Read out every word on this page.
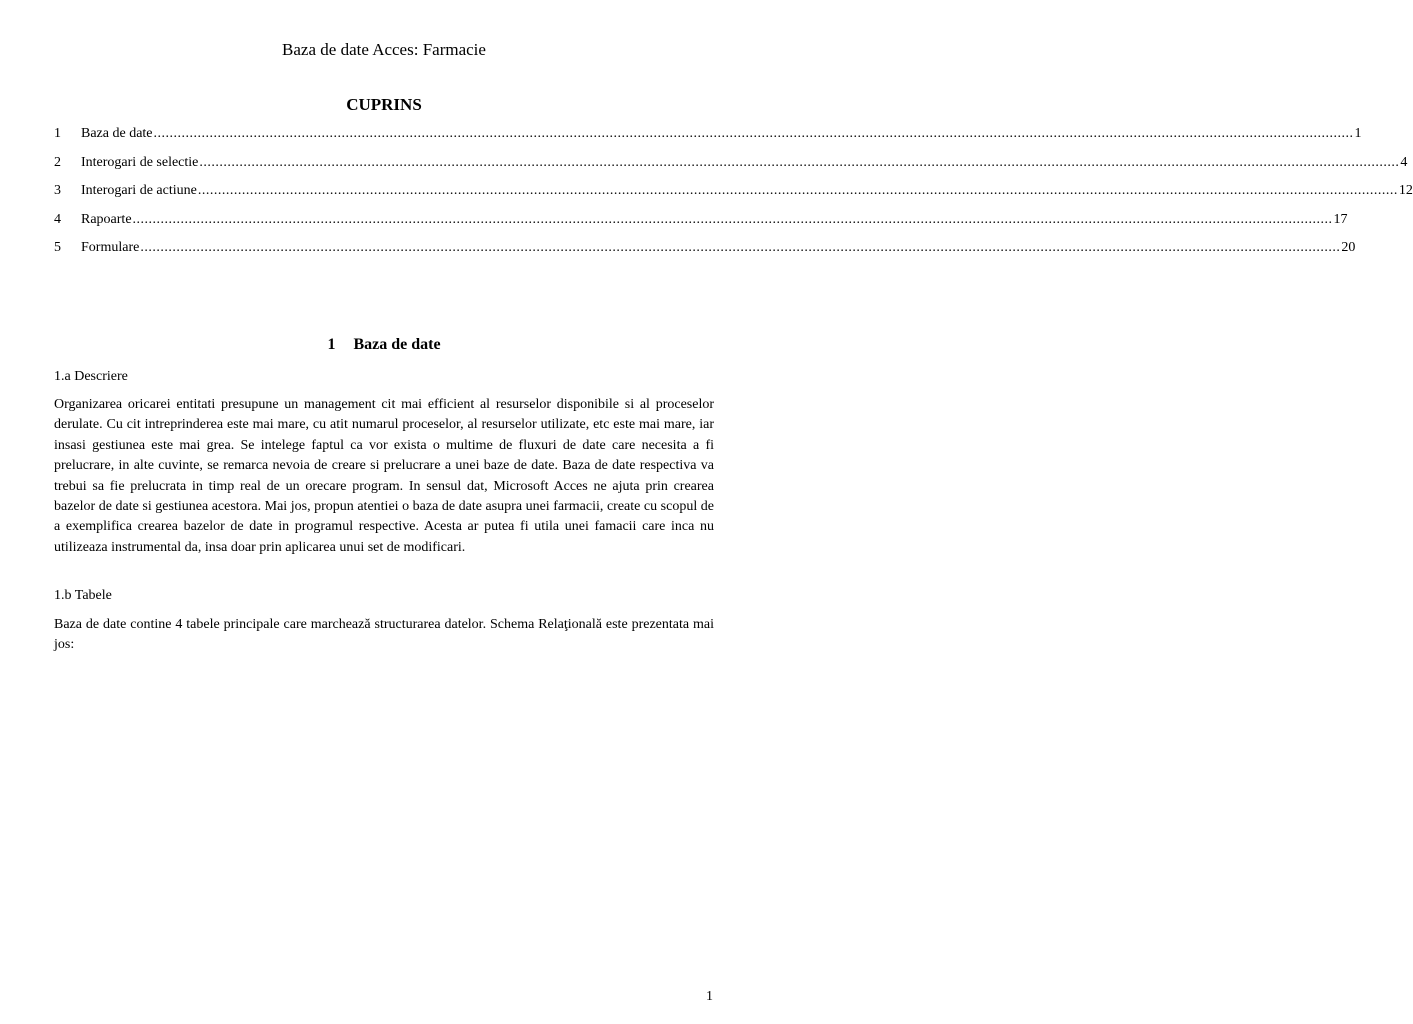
Baza de date Acces: Farmacie
CUPRINS
1	Baza de date ............................................................................................................................................................................................................................................................................................................ 1
2	Interogari de selectie ............................................................................................................................................................................................................................................................................................................ 4
3	Interogari de actiune ............................................................................................................................................................................................................................................................................................................ 12
4	Rapoarte ............................................................................................................................................................................................................................................................................................................ 17
5	Formulare ............................................................................................................................................................................................................................................................................................................ 20
1 Baza de date
1.a Descriere
Organizarea oricarei entitati presupune un management cit mai efficient al resurselor disponibile si al proceselor derulate. Cu cit intreprinderea este mai mare, cu atit numarul proceselor, al resurselor utilizate, etc este mai mare, iar insasi gestiunea este mai grea. Se intelege faptul ca vor exista o multime de fluxuri de date care necesita a fi prelucrare, in alte cuvinte, se remarca nevoia de creare si prelucrare a unei baze de date. Baza de date respectiva va trebui sa fie prelucrata in timp real de un orecare program. In sensul dat, Microsoft Acces ne ajuta prin crearea bazelor de date si gestiunea acestora. Mai jos, propun atentiei o baza de date asupra unei farmacii, create cu scopul de a exemplifica crearea bazelor de date in programul respective. Acesta ar putea fi utila unei famacii care inca nu utilizeaza instrumental da, insa doar prin aplicarea unui set de modificari.
1.b Tabele
Baza de date contine 4 tabele principale care marchează structurarea datelor. Schema Relaţională este prezentata mai jos:
1
